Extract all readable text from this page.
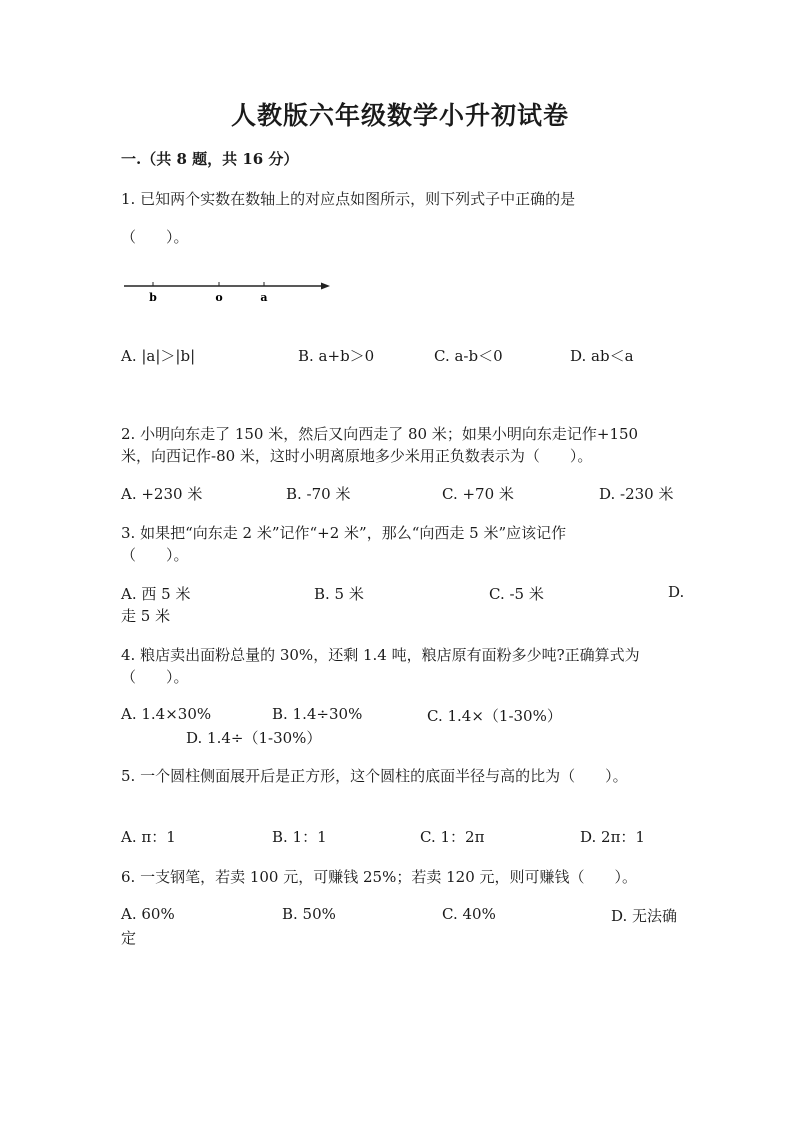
人教版六年级数学小升初试卷
一.（共 8 题，共 16 分）
1. 已知两个实数在数轴上的对应点如图所示，则下列式子中正确的是
（　　）。
b	o	a
A. |a|＞|b|	B. a+b＞0	C. a-b＜0	D. ab＜a
2. 小明向东走了 150 米，然后又向西走了 80 米；如果小明向东走记作+150
米，向西记作-80 米，这时小明离原地多少米用正负数表示为（　　）。
A. +230 米	B. -70 米	C. +70 米	D. -230 米
3. 如果把“向东走 2 米”记作“+2 米”，那么“向西走 5 米”应该记作
（　　）。
A. 西 5 米	B. 5 米	C. -5 米	D.
走 5 米
4. 粮店卖出面粉总量的 30%，还剩 1.4 吨，粮店原有面粉多少吨?正确算式为
（　　）。
A. 1.4×30%	B. 1.4÷30%	C. 1.4×（1-30%）
D. 1.4÷（1-30%）
5. 一个圆柱侧面展开后是正方形，这个圆柱的底面半径与高的比为（　　）。
A. π：1	B. 1：1	C. 1：2π	D. 2π：1
6. 一支钢笔，若卖 100 元，可赚钱 25%；若卖 120 元，则可赚钱（　　）。
A. 60%	B. 50%	C. 40%	D. 无法确
定
